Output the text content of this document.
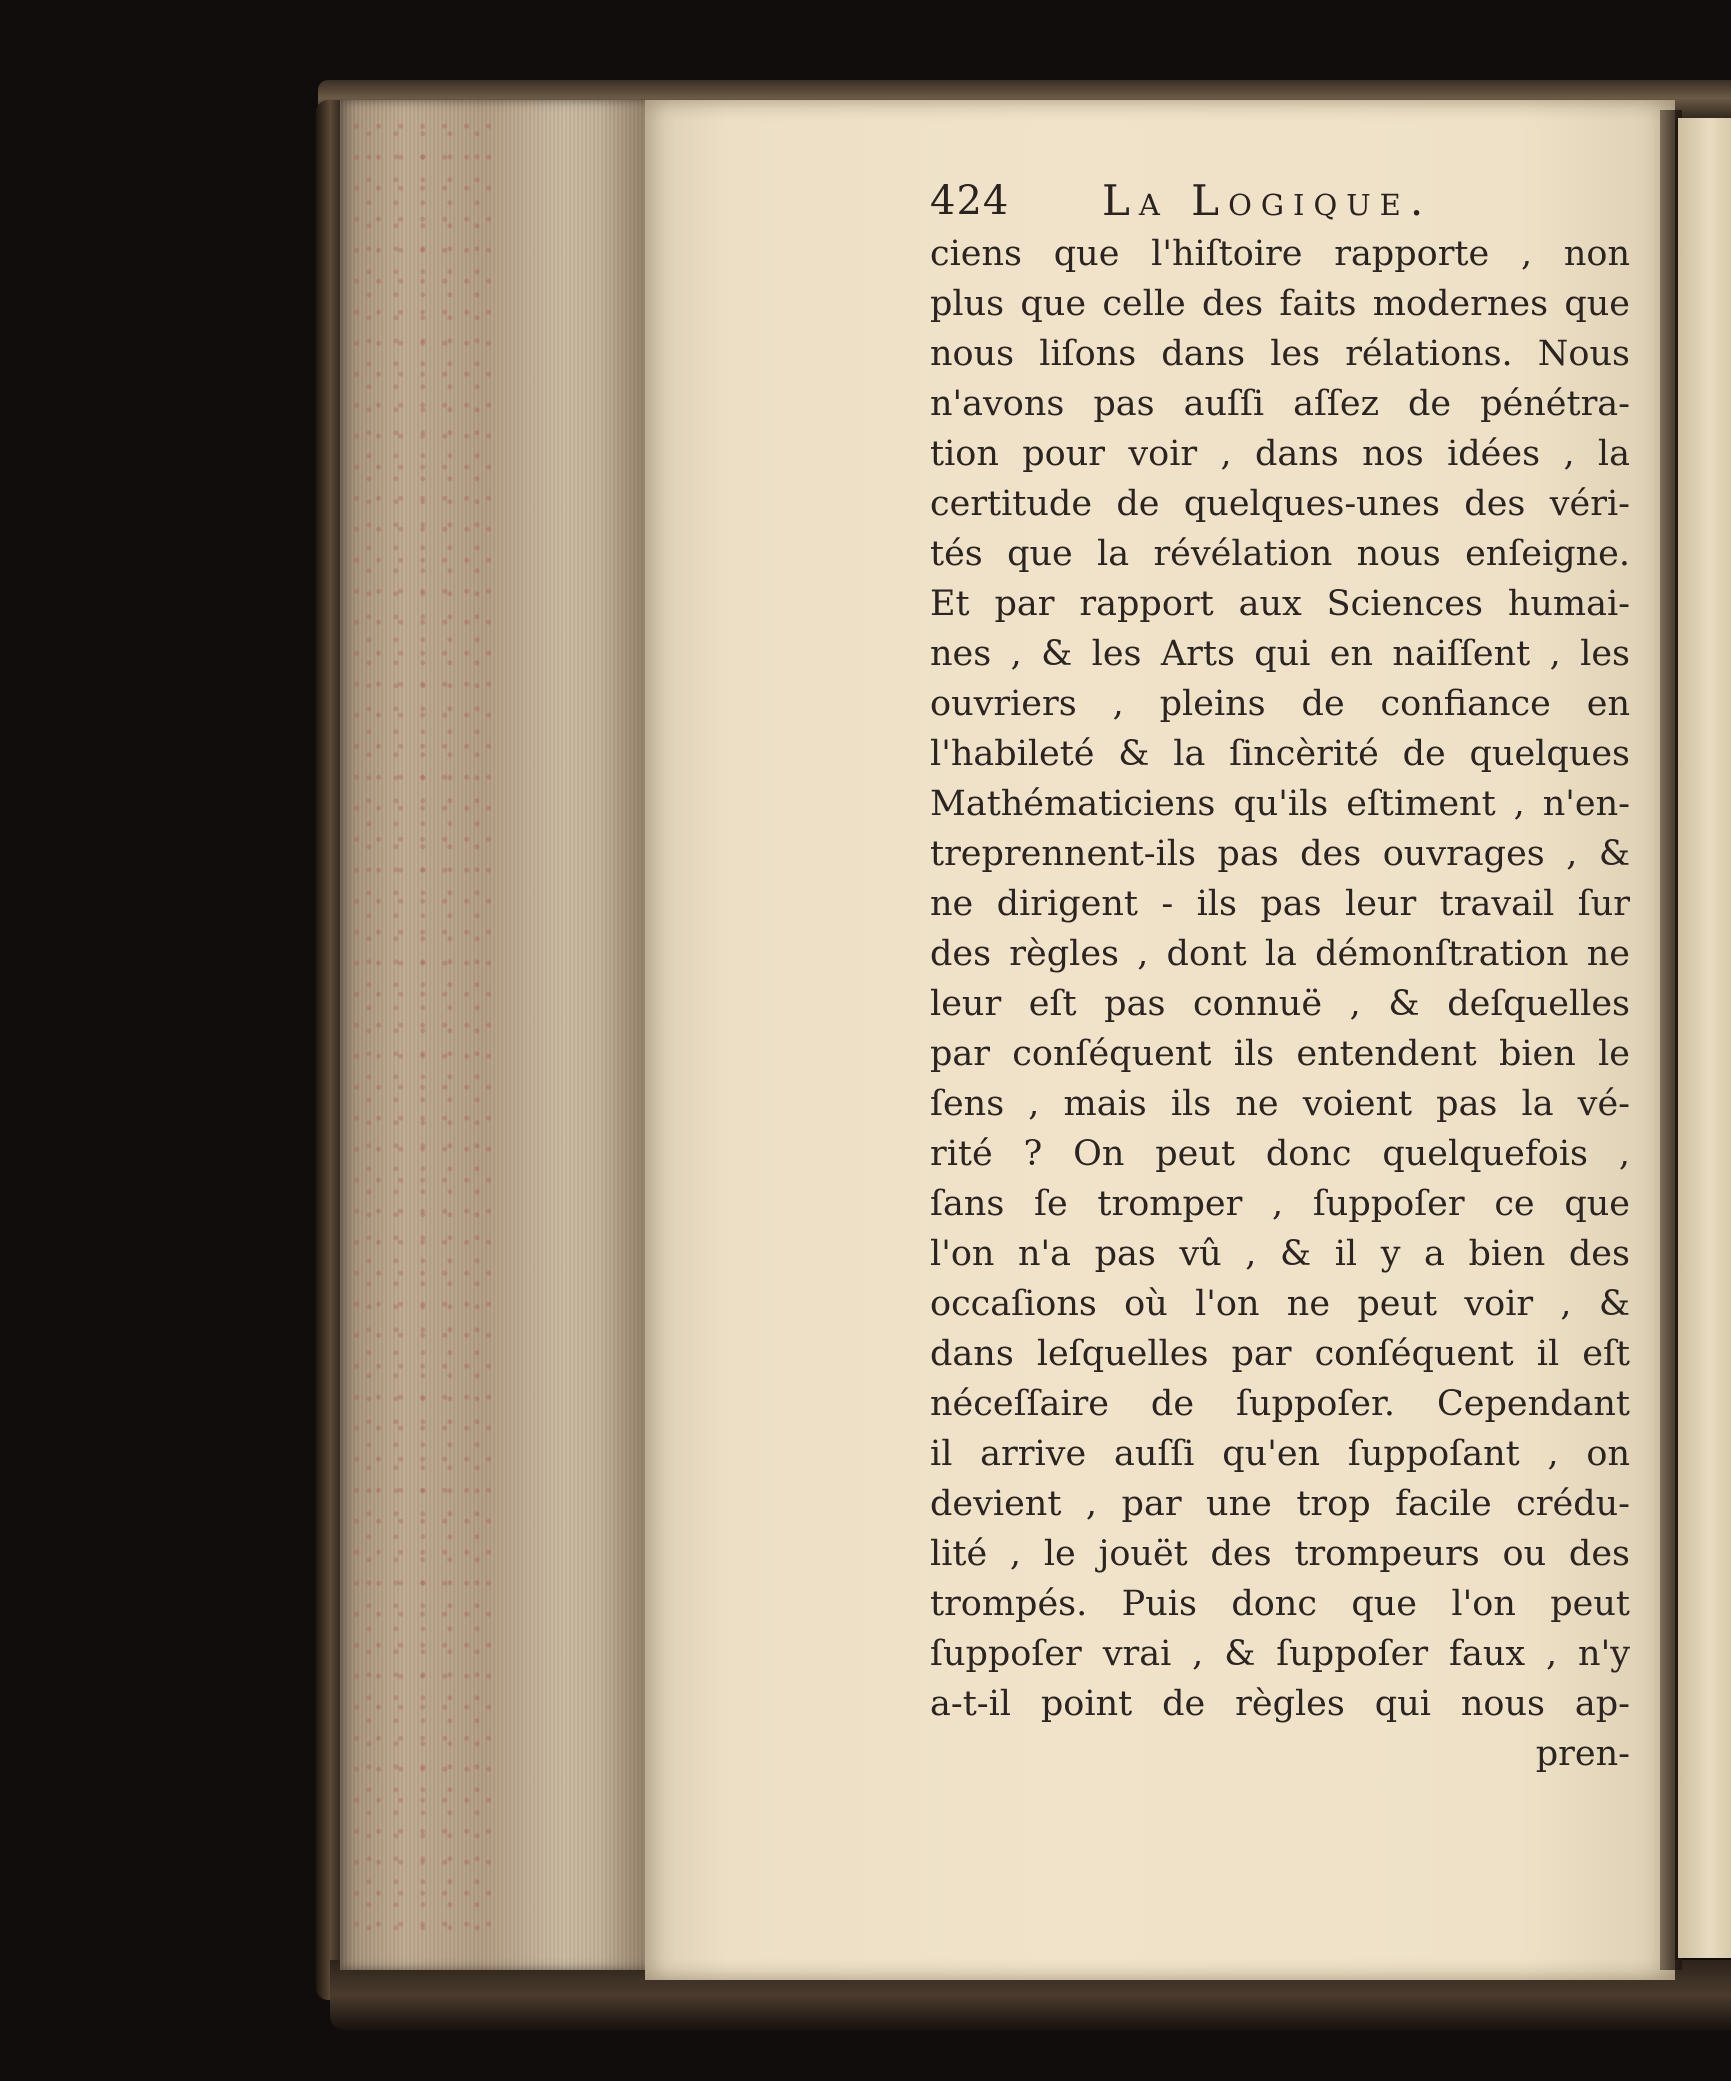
424 La Logique.
ciens que l'hiſtoire rapporte , non
plus que celle des faits modernes que
nous liſons dans les rélations. Nous
n'avons pas auſſi aſſez de pénétra-
tion pour voir , dans nos idées , la
certitude de quelques-unes des véri-
tés que la révélation nous enſeigne.
Et par rapport aux Sciences humai-
nes , & les Arts qui en naiſſent , les
ouvriers , pleins de confiance en
l'habileté & la ſincèrité de quelques
Mathématiciens qu'ils eſtiment , n'en-
treprennent-ils pas des ouvrages , &
ne dirigent - ils pas leur travail ſur
des règles , dont la démonſtration ne
leur eſt pas connuë , & deſquelles
par conſéquent ils entendent bien le
ſens , mais ils ne voient pas la vé-
rité ? On peut donc quelquefois ,
ſans ſe tromper , ſuppoſer ce que
l'on n'a pas vû , & il y a bien des
occaſions où l'on ne peut voir , &
dans leſquelles par conſéquent il eſt
néceſſaire de ſuppoſer. Cependant
il arrive auſſi qu'en ſuppoſant , on
devient , par une trop facile crédu-
lité , le jouët des trompeurs ou des
trompés. Puis donc que l'on peut
ſuppoſer vrai , & ſuppoſer faux , n'y
a-t-il point de règles qui nous ap-
pren-
